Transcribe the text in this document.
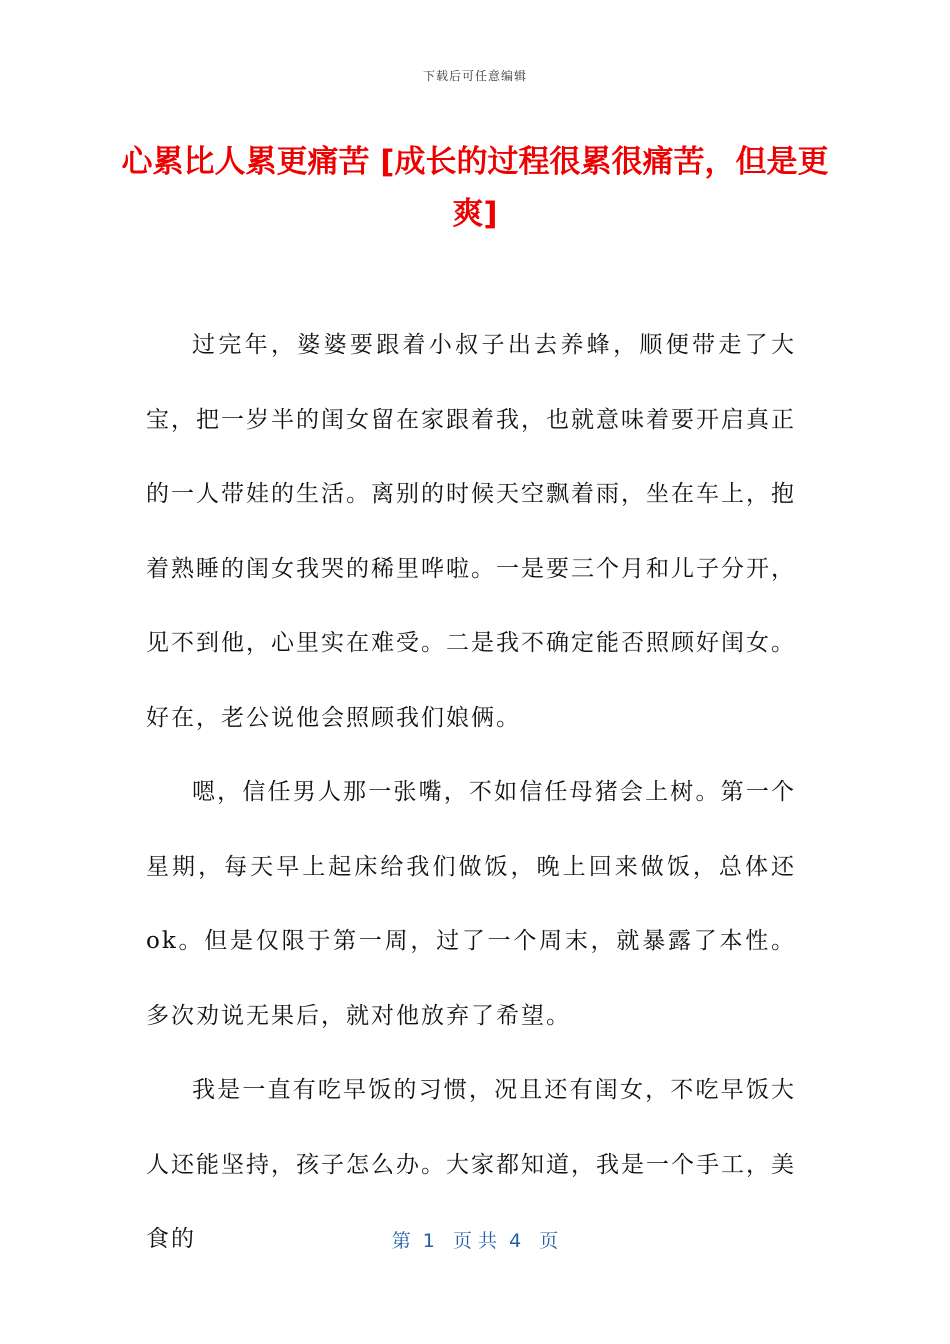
下载后可任意编辑
心累比人累更痛苦 [成长的过程很累很痛苦，但是更爽]

过完年，婆婆要跟着小叔子出去养蜂，顺便带走了大宝，把一岁半的闺女留在家跟着我，也就意味着要开启真正的一人带娃的生活。离别的时候天空飘着雨，坐在车上，抱着熟睡的闺女我哭的稀里哗啦。一是要三个月和儿子分开，见不到他，心里实在难受。二是我不确定能否照顾好闺女。好在，老公说他会照顾我们娘俩。

嗯，信任男人那一张嘴，不如信任母猪会上树。第一个星期，每天早上起床给我们做饭，晚上回来做饭，总体还 ok。但是仅限于第一周，过了一个周末，就暴露了本性。多次劝说无果后，就对他放弃了希望。

我是一直有吃早饭的习惯，况且还有闺女，不吃早饭大人还能坚持，孩子怎么办。大家都知道，我是一个手工，美食的	第  1   页 共  4   页
